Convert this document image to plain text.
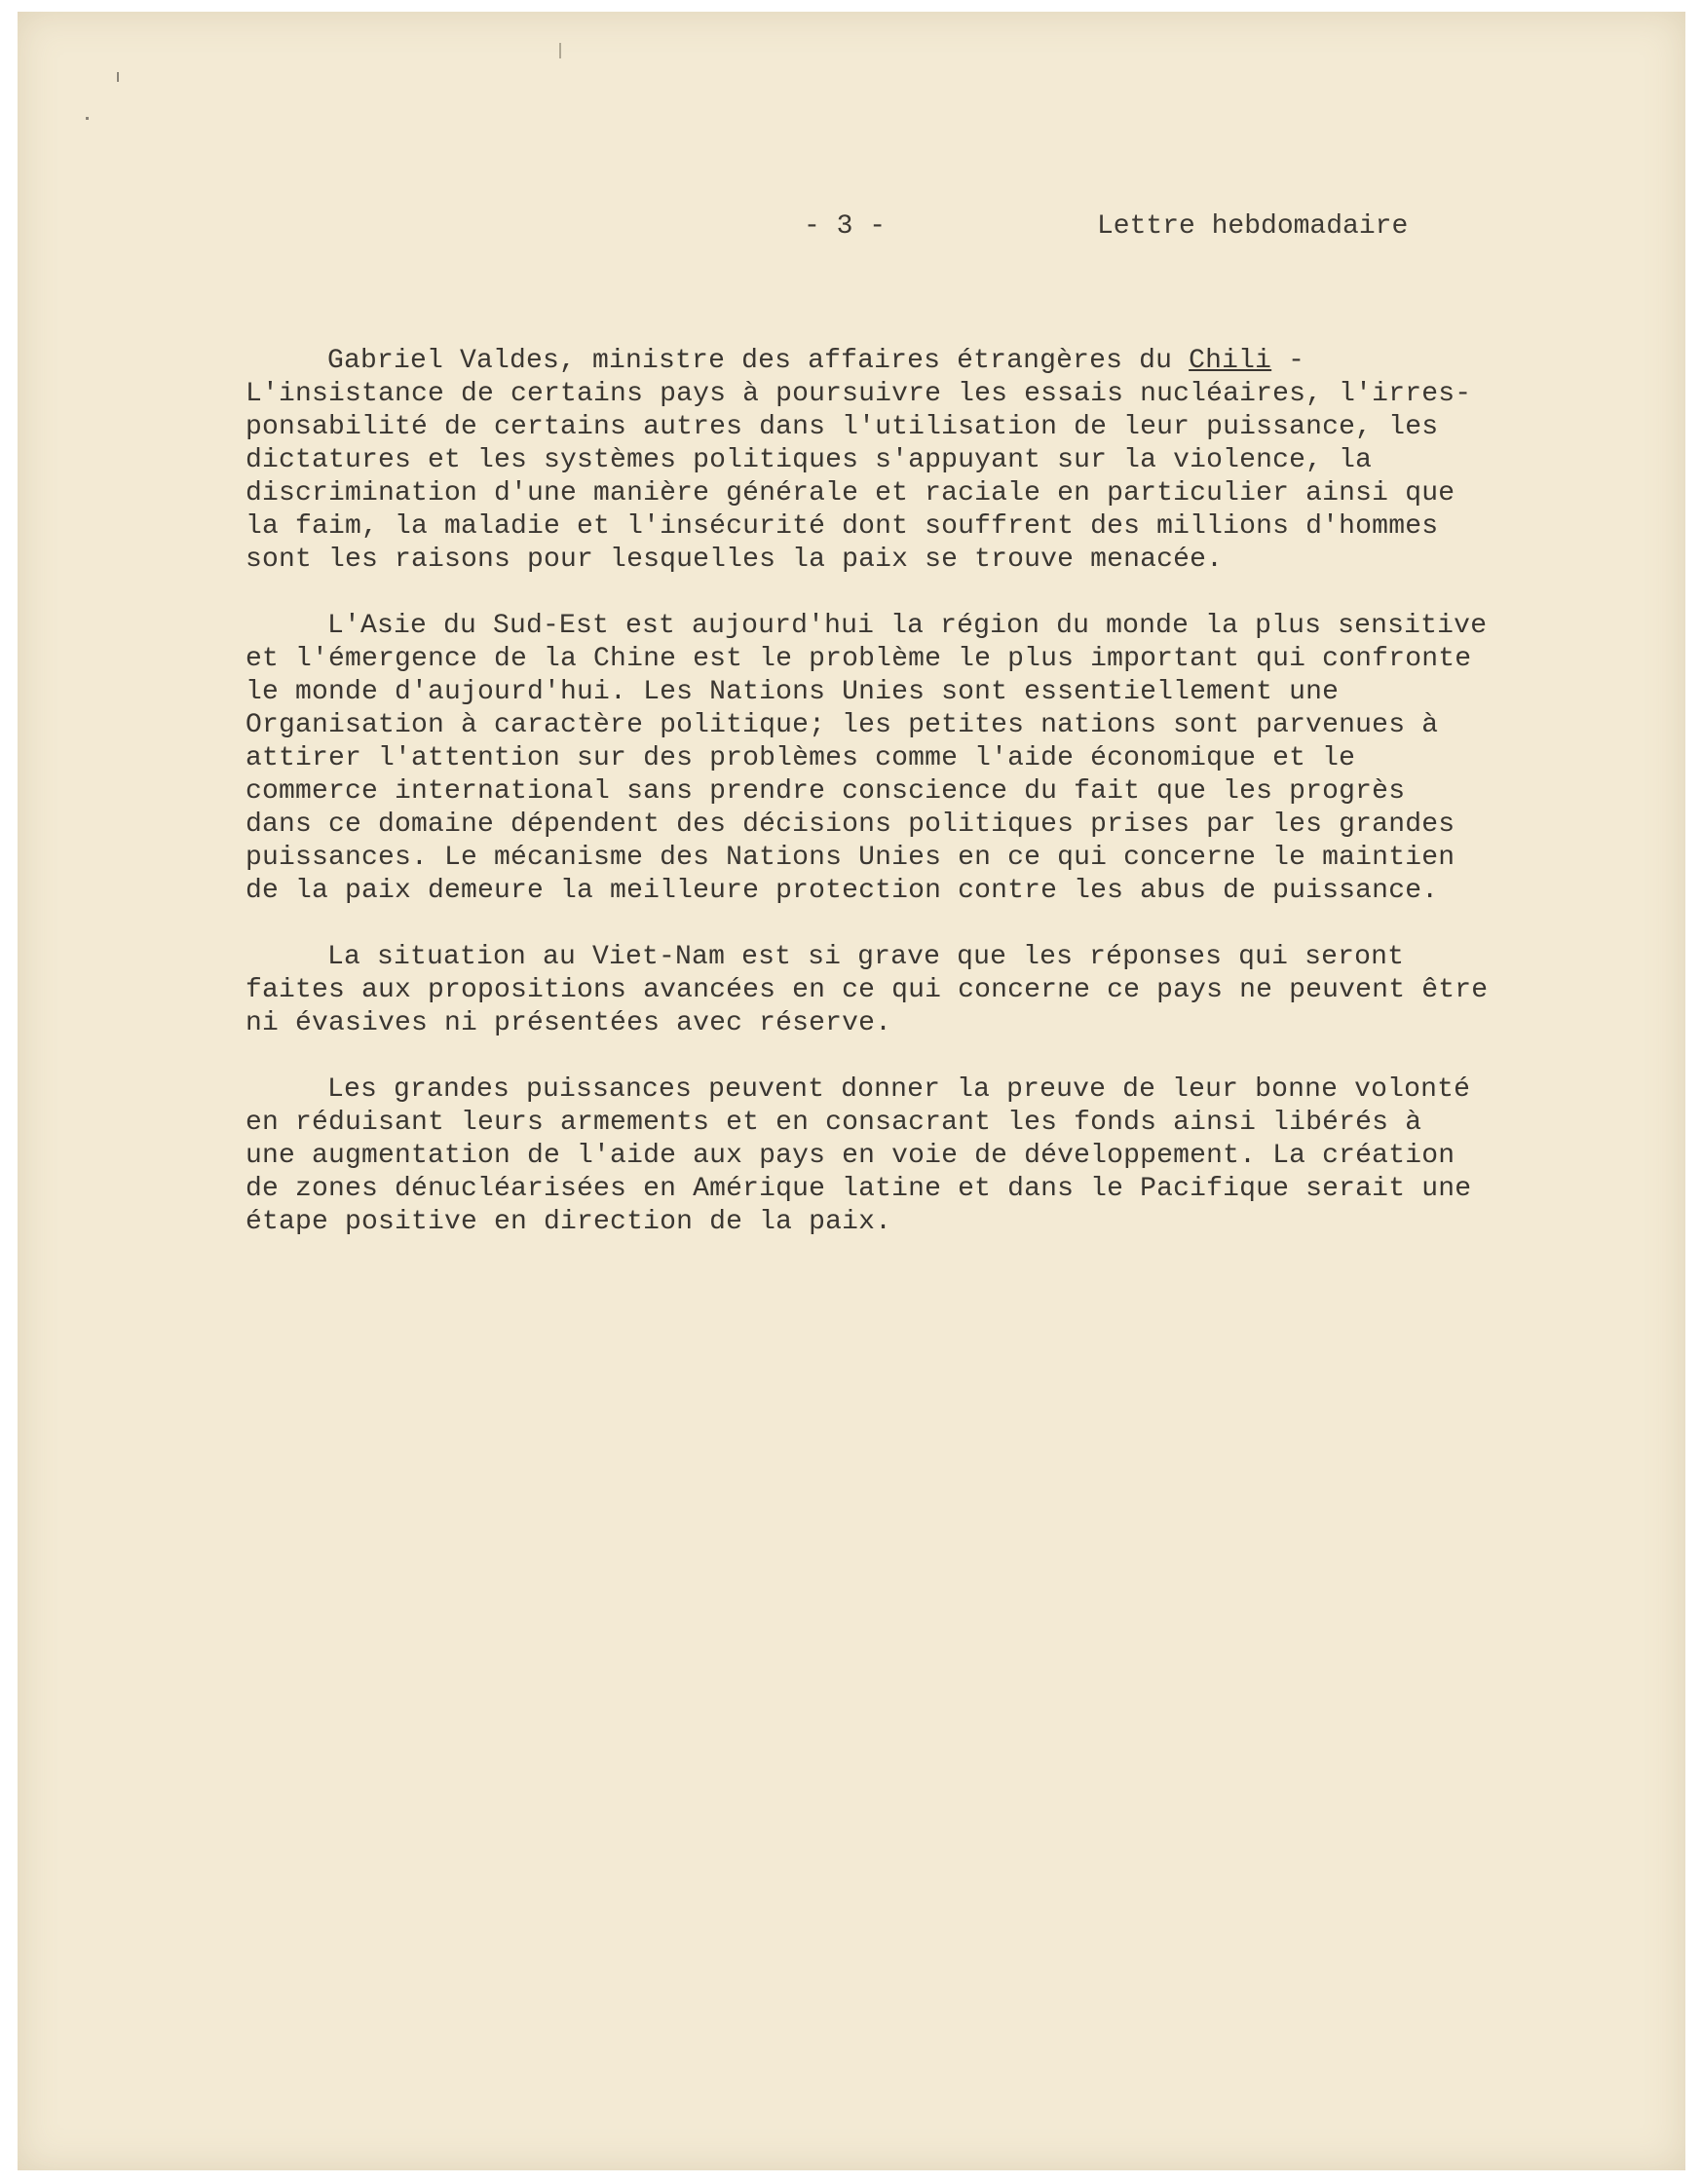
- 3 -	Lettre hebdomadaire

Gabriel Valdes, ministre des affaires étrangères du Chili -
L'insistance de certains pays à poursuivre les essais nucléaires, l'irres-
ponsabilité de certains autres dans l'utilisation de leur puissance, les
dictatures et les systèmes politiques s'appuyant sur la violence, la
discrimination d'une manière générale et raciale en particulier ainsi que
la faim, la maladie et l'insécurité dont souffrent des millions d'hommes
sont les raisons pour lesquelles la paix se trouve menacée.

L'Asie du Sud-Est est aujourd'hui la région du monde la plus sensitive
et l'émergence de la Chine est le problème le plus important qui confronte
le monde d'aujourd'hui. Les Nations Unies sont essentiellement une
Organisation à caractère politique; les petites nations sont parvenues à
attirer l'attention sur des problèmes comme l'aide économique et le
commerce international sans prendre conscience du fait que les progrès
dans ce domaine dépendent des décisions politiques prises par les grandes
puissances. Le mécanisme des Nations Unies en ce qui concerne le maintien
de la paix demeure la meilleure protection contre les abus de puissance.

La situation au Viet-Nam est si grave que les réponses qui seront
faites aux propositions avancées en ce qui concerne ce pays ne peuvent être
ni évasives ni présentées avec réserve.

Les grandes puissances peuvent donner la preuve de leur bonne volonté
en réduisant leurs armements et en consacrant les fonds ainsi libérés à
une augmentation de l'aide aux pays en voie de développement. La création
de zones dénucléarisées en Amérique latine et dans le Pacifique serait une
étape positive en direction de la paix.
